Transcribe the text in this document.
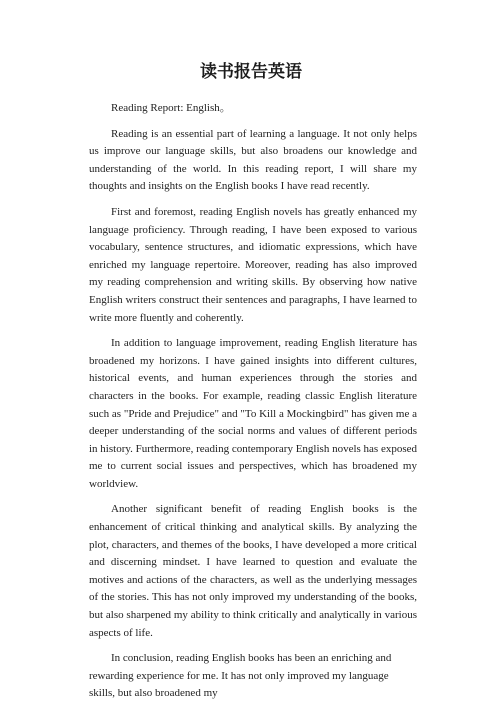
读书报告英语

Reading Report: English。

Reading is an essential part of learning a language. It not only helps us improve our language skills, but also broadens our knowledge and understanding of the world. In this reading report, I will share my thoughts and insights on the English books I have read recently.

First and foremost, reading English novels has greatly enhanced my language proficiency. Through reading, I have been exposed to various vocabulary, sentence structures, and idiomatic expressions, which have enriched my language repertoire. Moreover, reading has also improved my reading comprehension and writing skills. By observing how native English writers construct their sentences and paragraphs, I have learned to write more fluently and coherently.

In addition to language improvement, reading English literature has broadened my horizons. I have gained insights into different cultures, historical events, and human experiences through the stories and characters in the books. For example, reading classic English literature such as "Pride and Prejudice" and "To Kill a Mockingbird" has given me a deeper understanding of the social norms and values of different periods in history. Furthermore, reading contemporary English novels has exposed me to current social issues and perspectives, which has broadened my worldview.

Another significant benefit of reading English books is the enhancement of critical thinking and analytical skills. By analyzing the plot, characters, and themes of the books, I have developed a more critical and discerning mindset. I have learned to question and evaluate the motives and actions of the characters, as well as the underlying messages of the stories. This has not only improved my understanding of the books, but also sharpened my ability to think critically and analytically in various aspects of life.

In conclusion, reading English books has been an enriching and rewarding experience for me. It has not only improved my language skills, but also broadened my
